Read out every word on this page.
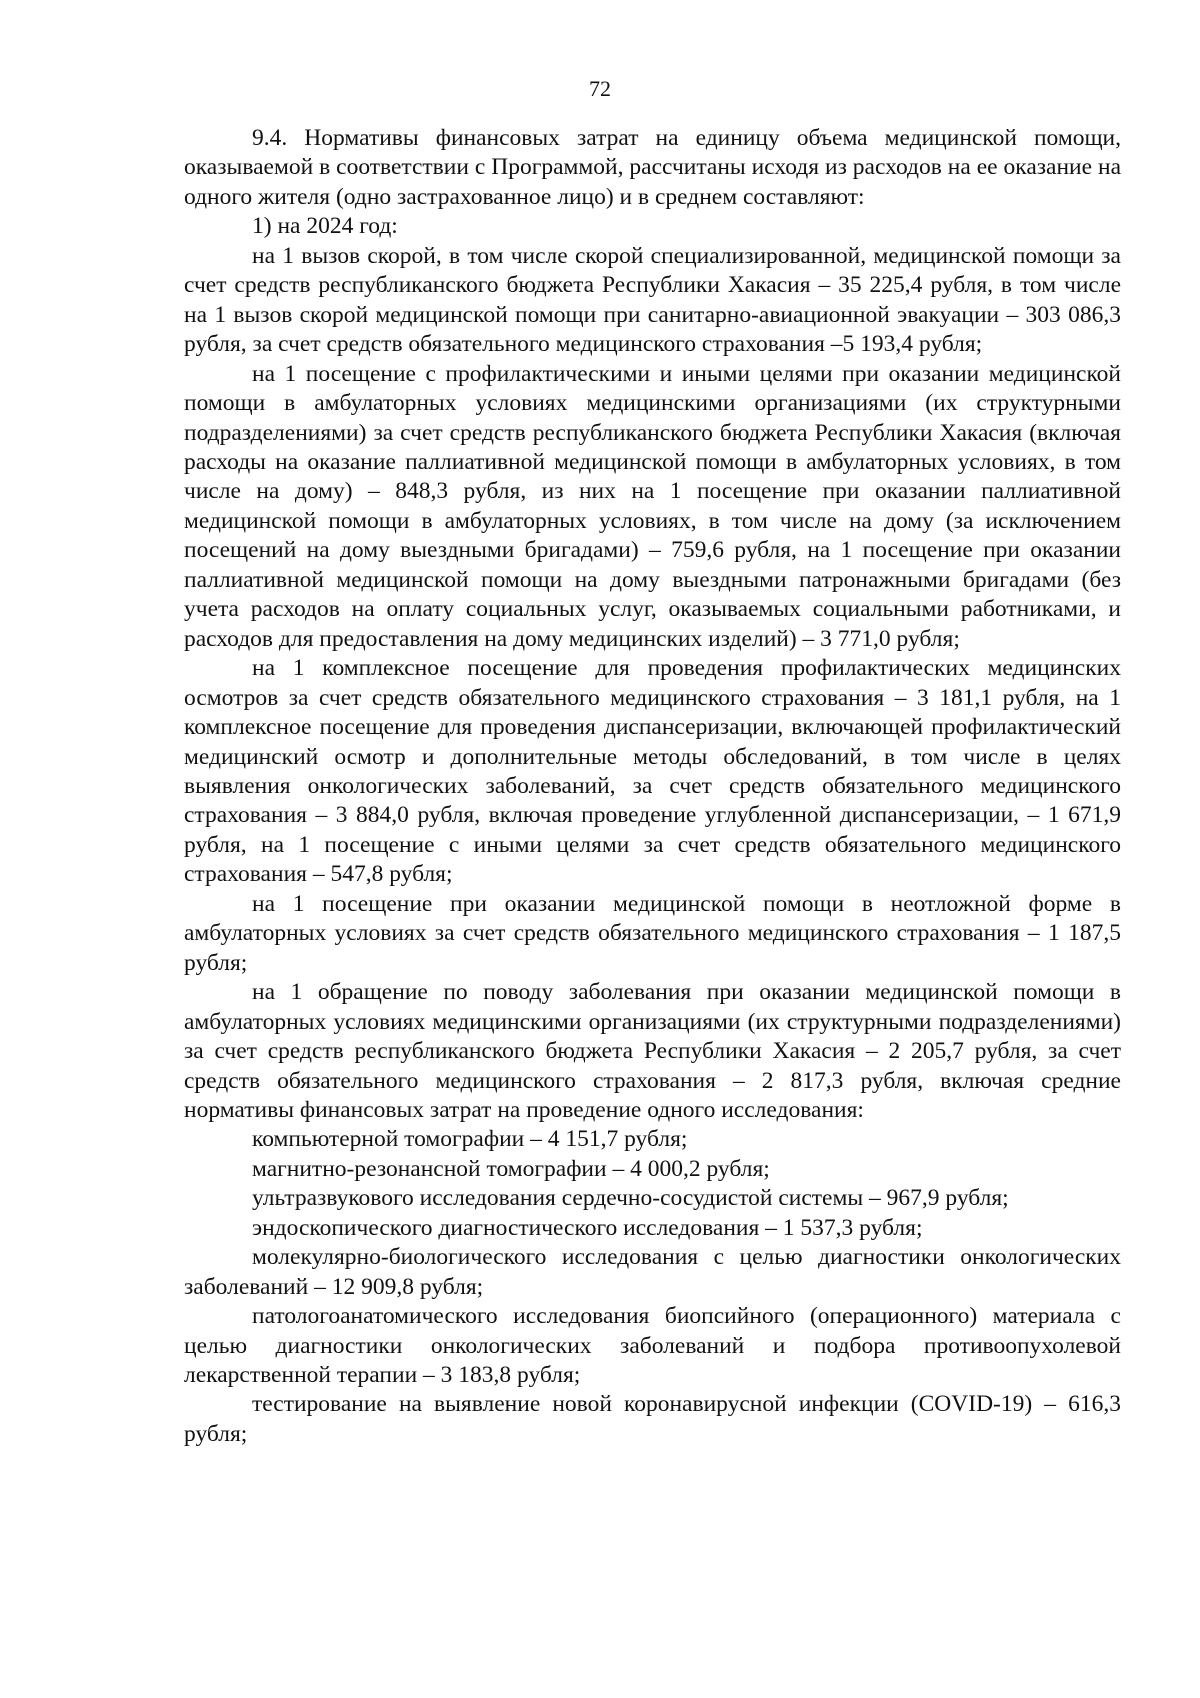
72

9.4. Нормативы финансовых затрат на единицу объема медицинской помощи, оказываемой в соответствии с Программой, рассчитаны исходя из расходов на ее оказание на одного жителя (одно застрахованное лицо) и в среднем составляют:

1) на 2024 год:

на 1 вызов скорой, в том числе скорой специализированной, медицинской помощи за счет средств республиканского бюджета Республики Хакасия – 35 225,4 рубля, в том числе на 1 вызов скорой медицинской помощи при санитарно-авиационной эвакуации – 303 086,3 рубля, за счет средств обязательного медицинского страхования –5 193,4 рубля;

на 1 посещение с профилактическими и иными целями при оказании медицинской помощи в амбулаторных условиях медицинскими организациями (их структурными подразделениями) за счет средств республиканского бюджета Республики Хакасия (включая расходы на оказание паллиативной медицинской помощи в амбулаторных условиях, в том числе на дому) – 848,3 рубля, из них на 1 посещение при оказании паллиативной медицинской помощи в амбулаторных условиях, в том числе на дому (за исключением посещений на дому выездными бригадами) – 759,6 рубля, на 1 посещение при оказании паллиативной медицинской помощи на дому выездными патронажными бригадами (без учета расходов на оплату социальных услуг, оказываемых социальными работниками, и расходов для предоставления на дому медицинских изделий) – 3 771,0 рубля;

на 1 комплексное посещение для проведения профилактических медицинских осмотров за счет средств обязательного медицинского страхования – 3 181,1 рубля, на 1 комплексное посещение для проведения диспансеризации, включающей профилактический медицинский осмотр и дополнительные методы обследований, в том числе в целях выявления онкологических заболеваний, за счет средств обязательного медицинского страхования – 3 884,0 рубля, включая проведение углубленной диспансеризации, – 1 671,9 рубля, на 1 посещение с иными целями за счет средств обязательного медицинского страхования – 547,8 рубля;

на 1 посещение при оказании медицинской помощи в неотложной форме в амбулаторных условиях за счет средств обязательного медицинского страхования – 1 187,5 рубля;

на 1 обращение по поводу заболевания при оказании медицинской помощи в амбулаторных условиях медицинскими организациями (их структурными подразделениями) за счет средств республиканского бюджета Республики Хакасия – 2 205,7 рубля, за счет средств обязательного медицинского страхования – 2 817,3 рубля, включая средние нормативы финансовых затрат на проведение одного исследования:

компьютерной томографии – 4 151,7 рубля;

магнитно-резонансной томографии – 4 000,2 рубля;

ультразвукового исследования сердечно-сосудистой системы – 967,9 рубля;

эндоскопического диагностического исследования – 1 537,3 рубля;

молекулярно-биологического исследования с целью диагностики онкологических заболеваний – 12 909,8 рубля;

патологоанатомического исследования биопсийного (операционного) материала с целью диагностики онкологических заболеваний и подбора противоопухолевой лекарственной терапии – 3 183,8 рубля;

тестирование на выявление новой коронавирусной инфекции (COVID-19) – 616,3 рубля;
